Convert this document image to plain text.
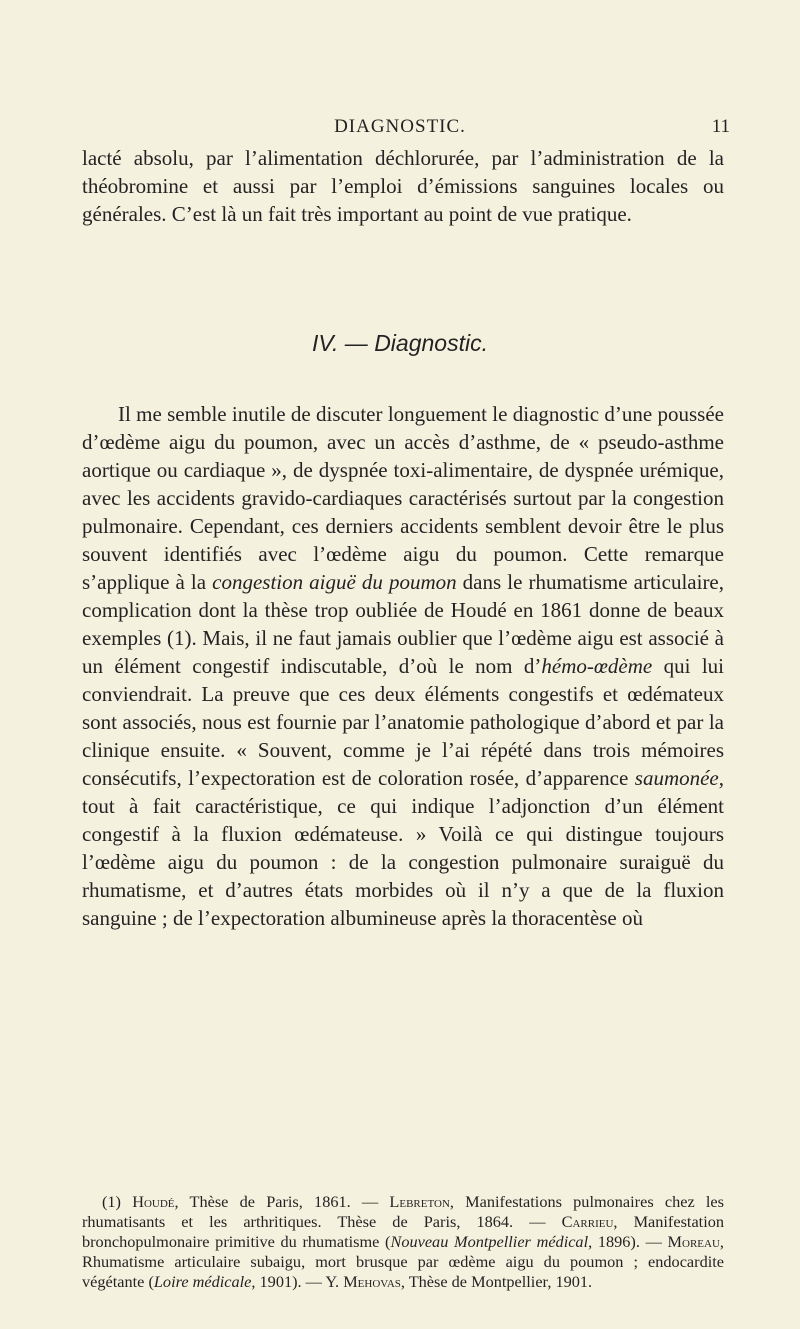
DIAGNOSTIC.	11

lacté absolu, par l’alimentation déchlorurée, par l’administration de la théobromine et aussi par l’emploi d’émissions sanguines locales ou générales. C’est là un fait très important au point de vue pratique.

IV. — Diagnostic.

Il me semble inutile de discuter longuement le diagnostic d’une poussée d’œdème aigu du poumon, avec un accès d’asthme, de « pseudo-asthme aortique ou cardiaque », de dyspnée toxi-alimentaire, de dyspnée urémique, avec les accidents gravido-cardiaques caractérisés surtout par la congestion pulmonaire. Cependant, ces derniers accidents semblent devoir être le plus souvent identifiés avec l’œdème aigu du poumon. Cette remarque s’applique à la congestion aiguë du poumon dans le rhumatisme articulaire, complication dont la thèse trop oubliée de Houdé en 1861 donne de beaux exemples (1). Mais, il ne faut jamais oublier que l’œdème aigu est associé à un élément congestif indiscutable, d’où le nom d’hémo-œdème qui lui conviendrait. La preuve que ces deux éléments congestifs et œdémateux sont associés, nous est fournie par l’anatomie pathologique d’abord et par la clinique ensuite. « Souvent, comme je l’ai répété dans trois mémoires consécutifs, l’expectoration est de coloration rosée, d’apparence saumonée, tout à fait caractéristique, ce qui indique l’adjonction d’un élément congestif à la fluxion œdémateuse. » Voilà ce qui distingue toujours l’œdème aigu du poumon : de la congestion pulmonaire suraiguë du rhumatisme, et d’autres états morbides où il n’y a que de la fluxion sanguine ; de l’expectoration albumineuse après la thoracentèse où

(1) Houdé, Thèse de Paris, 1861. — Lebreton, Manifestations pulmonaires chez les rhumatisants et les arthritiques. Thèse de Paris, 1864. — Carrieu, Manifestation bronchopulmonaire primitive du rhumatisme (Nouveau Montpellier médical, 1896). — Moreau, Rhumatisme articulaire subaigu, mort brusque par œdème aigu du poumon ; endocardite végétante (Loire médicale, 1901). — Y. Mehovas, Thèse de Montpellier, 1901.
